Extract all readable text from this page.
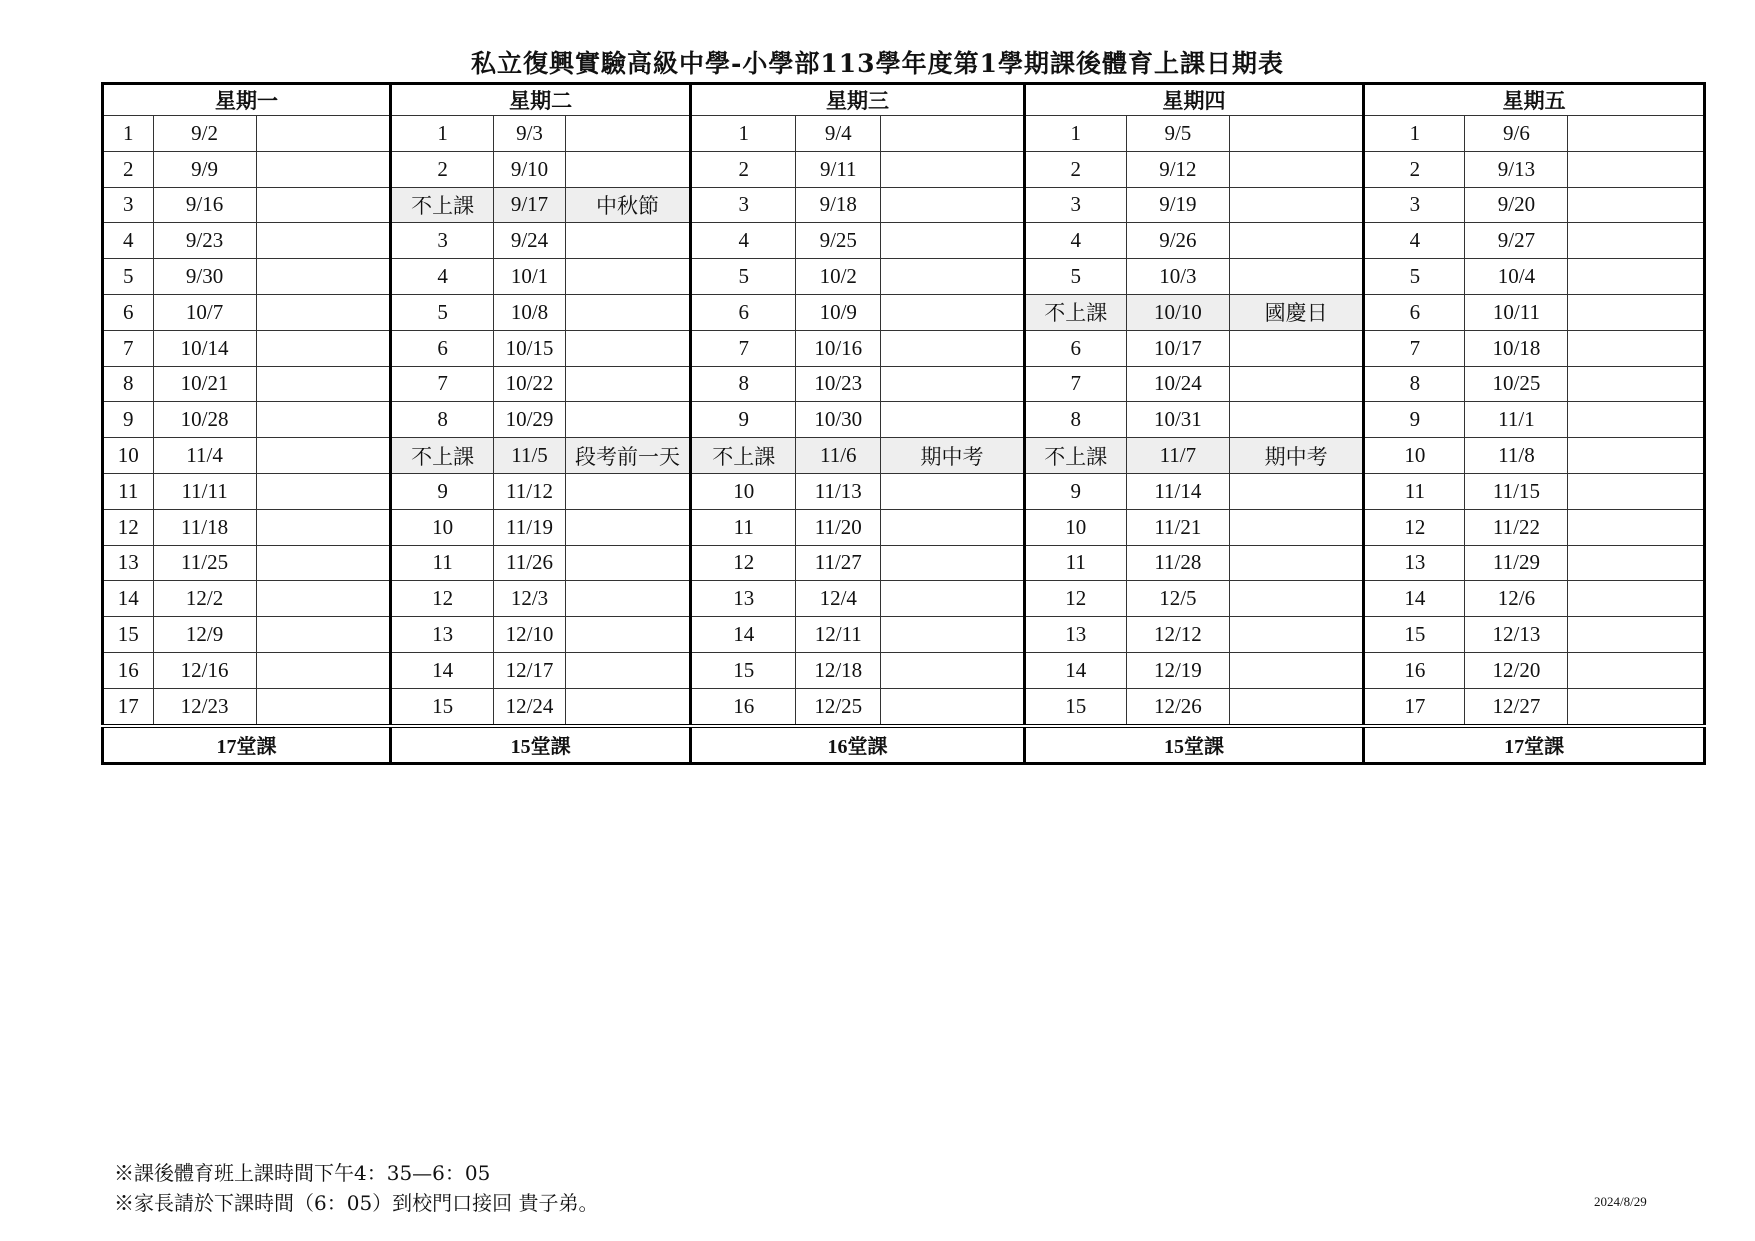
私立復興實驗高級中學-小學部113學年度第1學期課後體育上課日期表
星期一			星期二			星期三			星期四			星期五		
1	9/2		1	9/3		1	9/4		1	9/5		1	9/6	
2	9/9		2	9/10		2	9/11		2	9/12		2	9/13	
3	9/16		不上課	9/17	中秋節	3	9/18		3	9/19		3	9/20	
4	9/23		3	9/24		4	9/25		4	9/26		4	9/27	
5	9/30		4	10/1		5	10/2		5	10/3		5	10/4	
6	10/7		5	10/8		6	10/9		不上課	10/10	國慶日	6	10/11	
7	10/14		6	10/15		7	10/16		6	10/17		7	10/18	
8	10/21		7	10/22		8	10/23		7	10/24		8	10/25	
9	10/28		8	10/29		9	10/30		8	10/31		9	11/1	
10	11/4		不上課	11/5	段考前一天	不上課	11/6	期中考	不上課	11/7	期中考	10	11/8	
11	11/11		9	11/12		10	11/13		9	11/14		11	11/15	
12	11/18		10	11/19		11	11/20		10	11/21		12	11/22	
13	11/25		11	11/26		12	11/27		11	11/28		13	11/29	
14	12/2		12	12/3		13	12/4		12	12/5		14	12/6	
15	12/9		13	12/10		14	12/11		13	12/12		15	12/13	
16	12/16		14	12/17		15	12/18		14	12/19		16	12/20	
17	12/23		15	12/24		16	12/25		15	12/26		17	12/27	
17堂課			15堂課			16堂課			15堂課			17堂課		
※課後體育班上課時間下午4：35—6：05
※家長請於下課時間（6：05）到校門口接回 貴子弟。	2024/8/29
